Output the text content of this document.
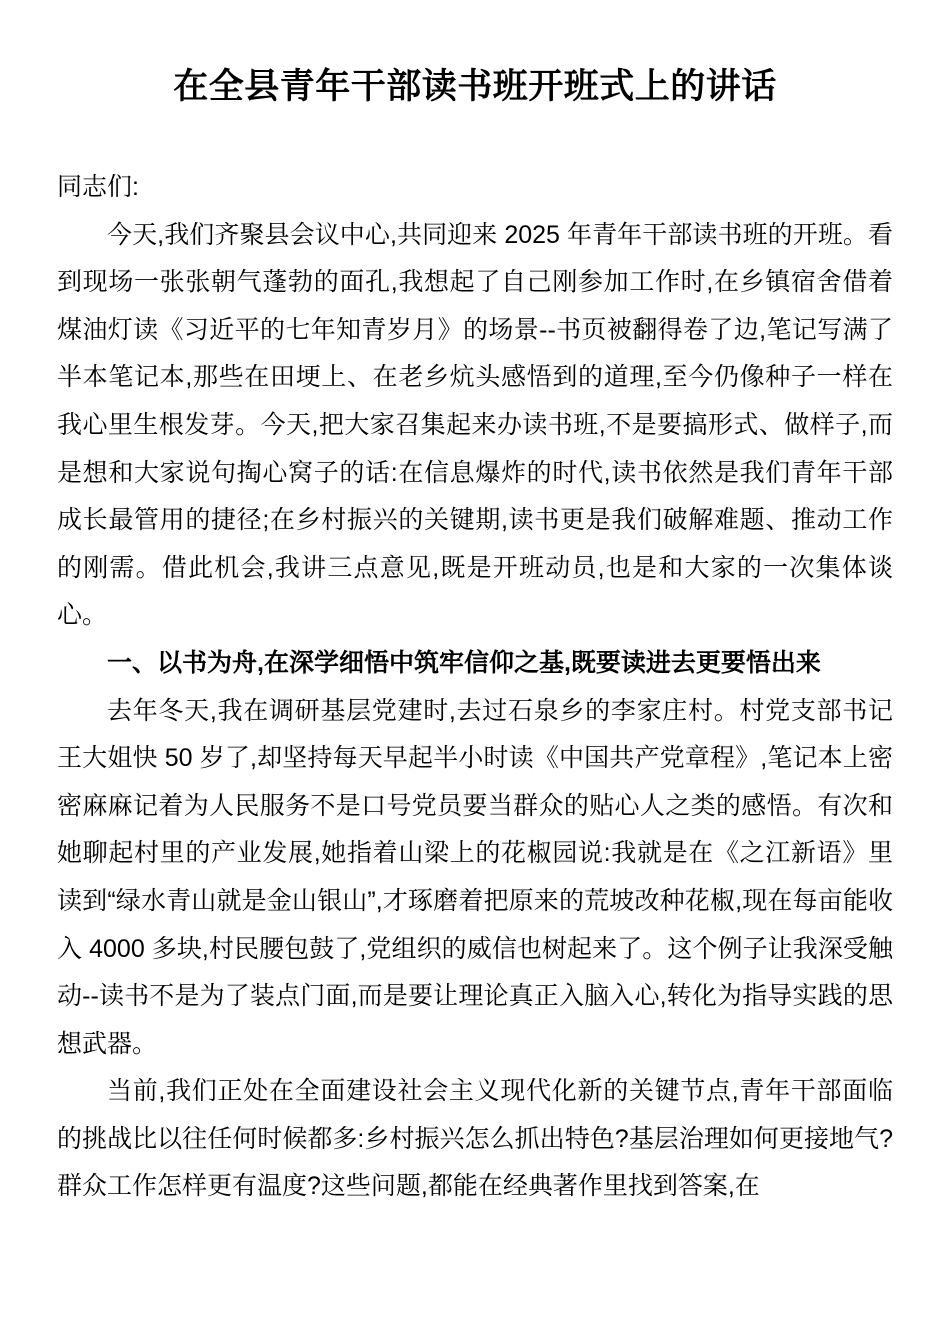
在全县青年干部读书班开班式上的讲话

同志们:

今天,我们齐聚县会议中心,共同迎来 2025 年青年干部读书班的开班。看到现场一张张朝气蓬勃的面孔,我想起了自己刚参加工作时,在乡镇宿舍借着煤油灯读《习近平的七年知青岁月》的场景--书页被翻得卷了边,笔记写满了半本笔记本,那些在田埂上、在老乡炕头感悟到的道理,至今仍像种子一样在我心里生根发芽。今天,把大家召集起来办读书班,不是要搞形式、做样子,而是想和大家说句掏心窝子的话:在信息爆炸的时代,读书依然是我们青年干部成长最管用的捷径;在乡村振兴的关键期,读书更是我们破解难题、推动工作的刚需。借此机会,我讲三点意见,既是开班动员,也是和大家的一次集体谈心。

一、以书为舟,在深学细悟中筑牢信仰之基,既要读进去更要悟出来

去年冬天,我在调研基层党建时,去过石泉乡的李家庄村。村党支部书记王大姐快 50 岁了,却坚持每天早起半小时读《中国共产党章程》,笔记本上密密麻麻记着为人民服务不是口号党员要当群众的贴心人之类的感悟。有次和她聊起村里的产业发展,她指着山梁上的花椒园说:我就是在《之江新语》里读到“绿水青山就是金山银山”,才琢磨着把原来的荒坡改种花椒,现在每亩能收入 4000 多块,村民腰包鼓了,党组织的威信也树起来了。这个例子让我深受触动--读书不是为了装点门面,而是要让理论真正入脑入心,转化为指导实践的思想武器。

当前,我们正处在全面建设社会主义现代化新的关键节点,青年干部面临的挑战比以往任何时候都多:乡村振兴怎么抓出特色?基层治理如何更接地气?群众工作怎样更有温度?这些问题,都能在经典著作里找到答案,在
